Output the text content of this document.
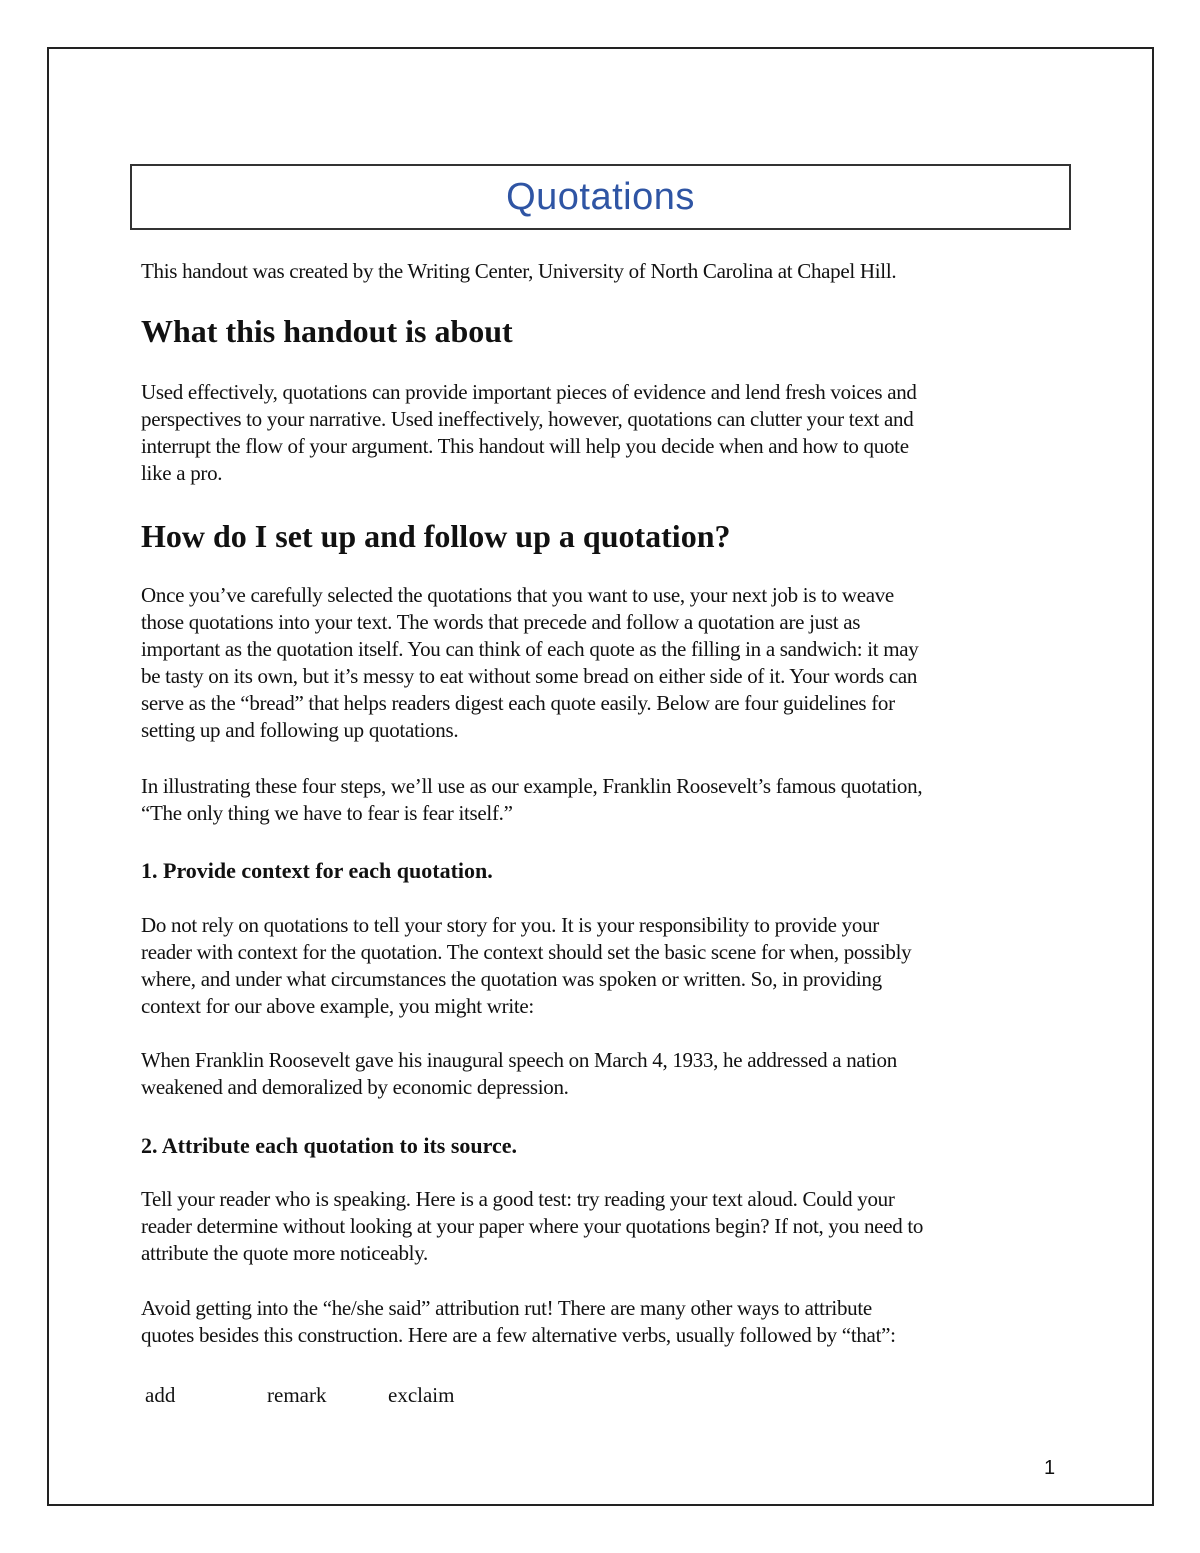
Quotations
This handout was created by the Writing Center, University of North Carolina at Chapel Hill.
What this handout is about
Used effectively, quotations can provide important pieces of evidence and lend fresh voices and
perspectives to your narrative. Used ineffectively, however, quotations can clutter your text and
interrupt the flow of your argument. This handout will help you decide when and how to quote
like a pro.
How do I set up and follow up a quotation?
Once you’ve carefully selected the quotations that you want to use, your next job is to weave
those quotations into your text. The words that precede and follow a quotation are just as
important as the quotation itself. You can think of each quote as the filling in a sandwich: it may
be tasty on its own, but it’s messy to eat without some bread on either side of it. Your words can
serve as the “bread” that helps readers digest each quote easily. Below are four guidelines for
setting up and following up quotations.
In illustrating these four steps, we’ll use as our example, Franklin Roosevelt’s famous quotation,
“The only thing we have to fear is fear itself.”
1. Provide context for each quotation.
Do not rely on quotations to tell your story for you. It is your responsibility to provide your
reader with context for the quotation. The context should set the basic scene for when, possibly
where, and under what circumstances the quotation was spoken or written. So, in providing
context for our above example, you might write:
When Franklin Roosevelt gave his inaugural speech on March 4, 1933, he addressed a nation
weakened and demoralized by economic depression.
2. Attribute each quotation to its source.
Tell your reader who is speaking. Here is a good test: try reading your text aloud. Could your
reader determine without looking at your paper where your quotations begin? If not, you need to
attribute the quote more noticeably.
Avoid getting into the “he/she said” attribution rut! There are many other ways to attribute
quotes besides this construction. Here are a few alternative verbs, usually followed by “that”:
add	remark	exclaim
1
